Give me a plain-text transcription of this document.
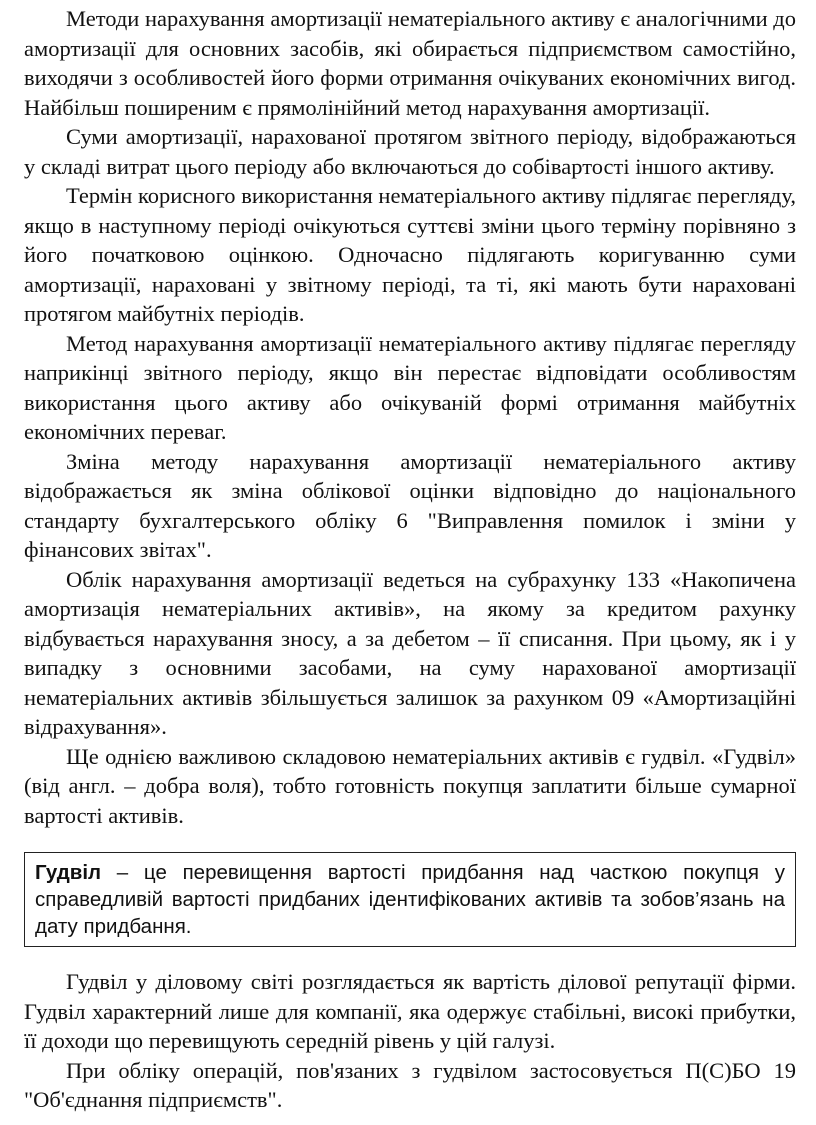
Методи нарахування амортизації нематеріального активу є аналогічними до амортизації для основних засобів, які обирається підприємством самостійно, виходячи з особливостей його форми отримання очікуваних економічних вигод. Найбільш поширеним є прямолінійний метод нарахування амортизації.

Суми амортизації, нарахованої протягом звітного періоду, відображаються у складі витрат цього періоду або включаються до собівартості іншого активу.

Термін корисного використання нематеріального активу підлягає перегляду, якщо в наступному періоді очікуються суттєві зміни цього терміну порівняно з його початковою оцінкою. Одночасно підлягають коригуванню суми амортизації, нараховані у звітному періоді, та ті, які мають бути нараховані протягом майбутніх періодів.

Метод нарахування амортизації нематеріального активу підлягає перегляду наприкінці звітного періоду, якщо він перестає відповідати особливостям використання цього активу або очікуваній формі отримання майбутніх економічних переваг.

Зміна методу нарахування амортизації нематеріального активу відображається як зміна облікової оцінки відповідно до національного стандарту бухгалтерського обліку 6 "Виправлення помилок і зміни у фінансових звітах".

Облік нарахування амортизації ведеться на субрахунку 133 «Накопичена амортизація нематеріальних активів», на якому за кредитом рахунку відбувається нарахування зносу, а за дебетом – її списання. При цьому, як і у випадку з основними засобами, на суму нарахованої амортизації нематеріальних активів збільшується залишок за рахунком 09 «Амортизаційні відрахування».

Ще однією важливою складовою нематеріальних активів є гудвіл. «Гудвіл» (від англ. – добра воля), тобто готовність покупця заплатити більше сумарної вартості активів.

Гудвіл – це перевищення вартості придбання над часткою покупця у справедливій вартості придбаних ідентифікованих активів та зобов’язань на дату придбання.

Гудвіл у діловому світі розглядається як вартість ділової репутації фірми. Гудвіл характерний лише для компанії, яка одержує стабільні, високі прибутки, її доходи що перевищують середній рівень у цій галузі.

При обліку операцій, пов'язаних з гудвілом застосовується П(С)БО 19 "Об'єднання підприємств".
